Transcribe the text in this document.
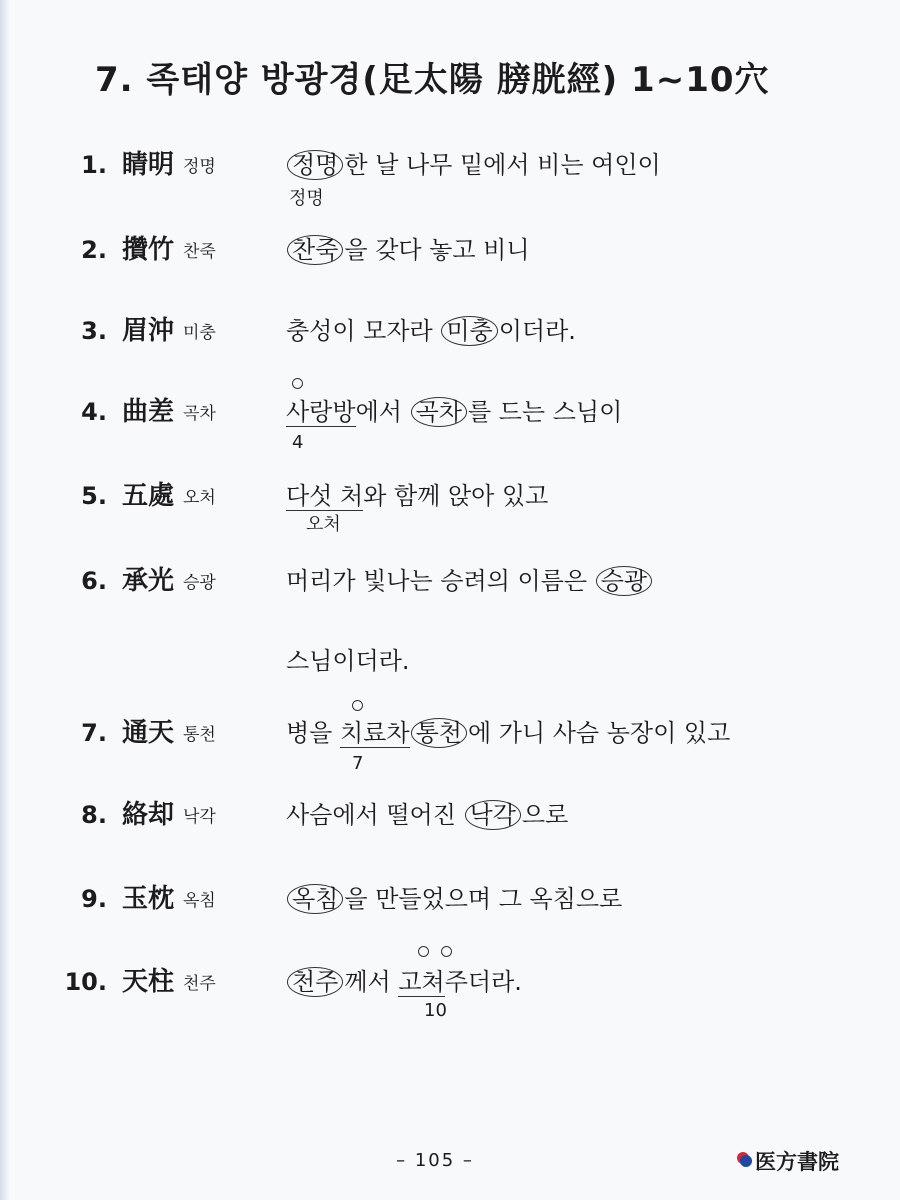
7. 족태양 방광경(足太陽 膀胱經) 1~10穴
1. 睛明 정명	정명 한 날 나무 밑에서 비는 여인이
정명
2. 攢竹 찬죽	찬죽 을 갖다 놓고 비니
3. 眉沖 미충	충성이 모자라 미충 이더라.
4. 曲差 곡차	사랑방에서 곡차 를 드는 스님이
4
5. 五處 오처	다섯 처와 함께 앉아 있고
오처
6. 承光 승광	머리가 빛나는 승려의 이름은 승광
스님이더라.
7. 通天 통천	병을 치료차 통천 에 가니 사슴 농장이 있고
7
8. 絡却 낙각	사슴에서 떨어진 낙각 으로
9. 玉枕 옥침	옥침 을 만들었으며 그 옥침으로
10. 天柱 천주	천주 께서 고쳐주더라.
10
– 105 –	医方書院
